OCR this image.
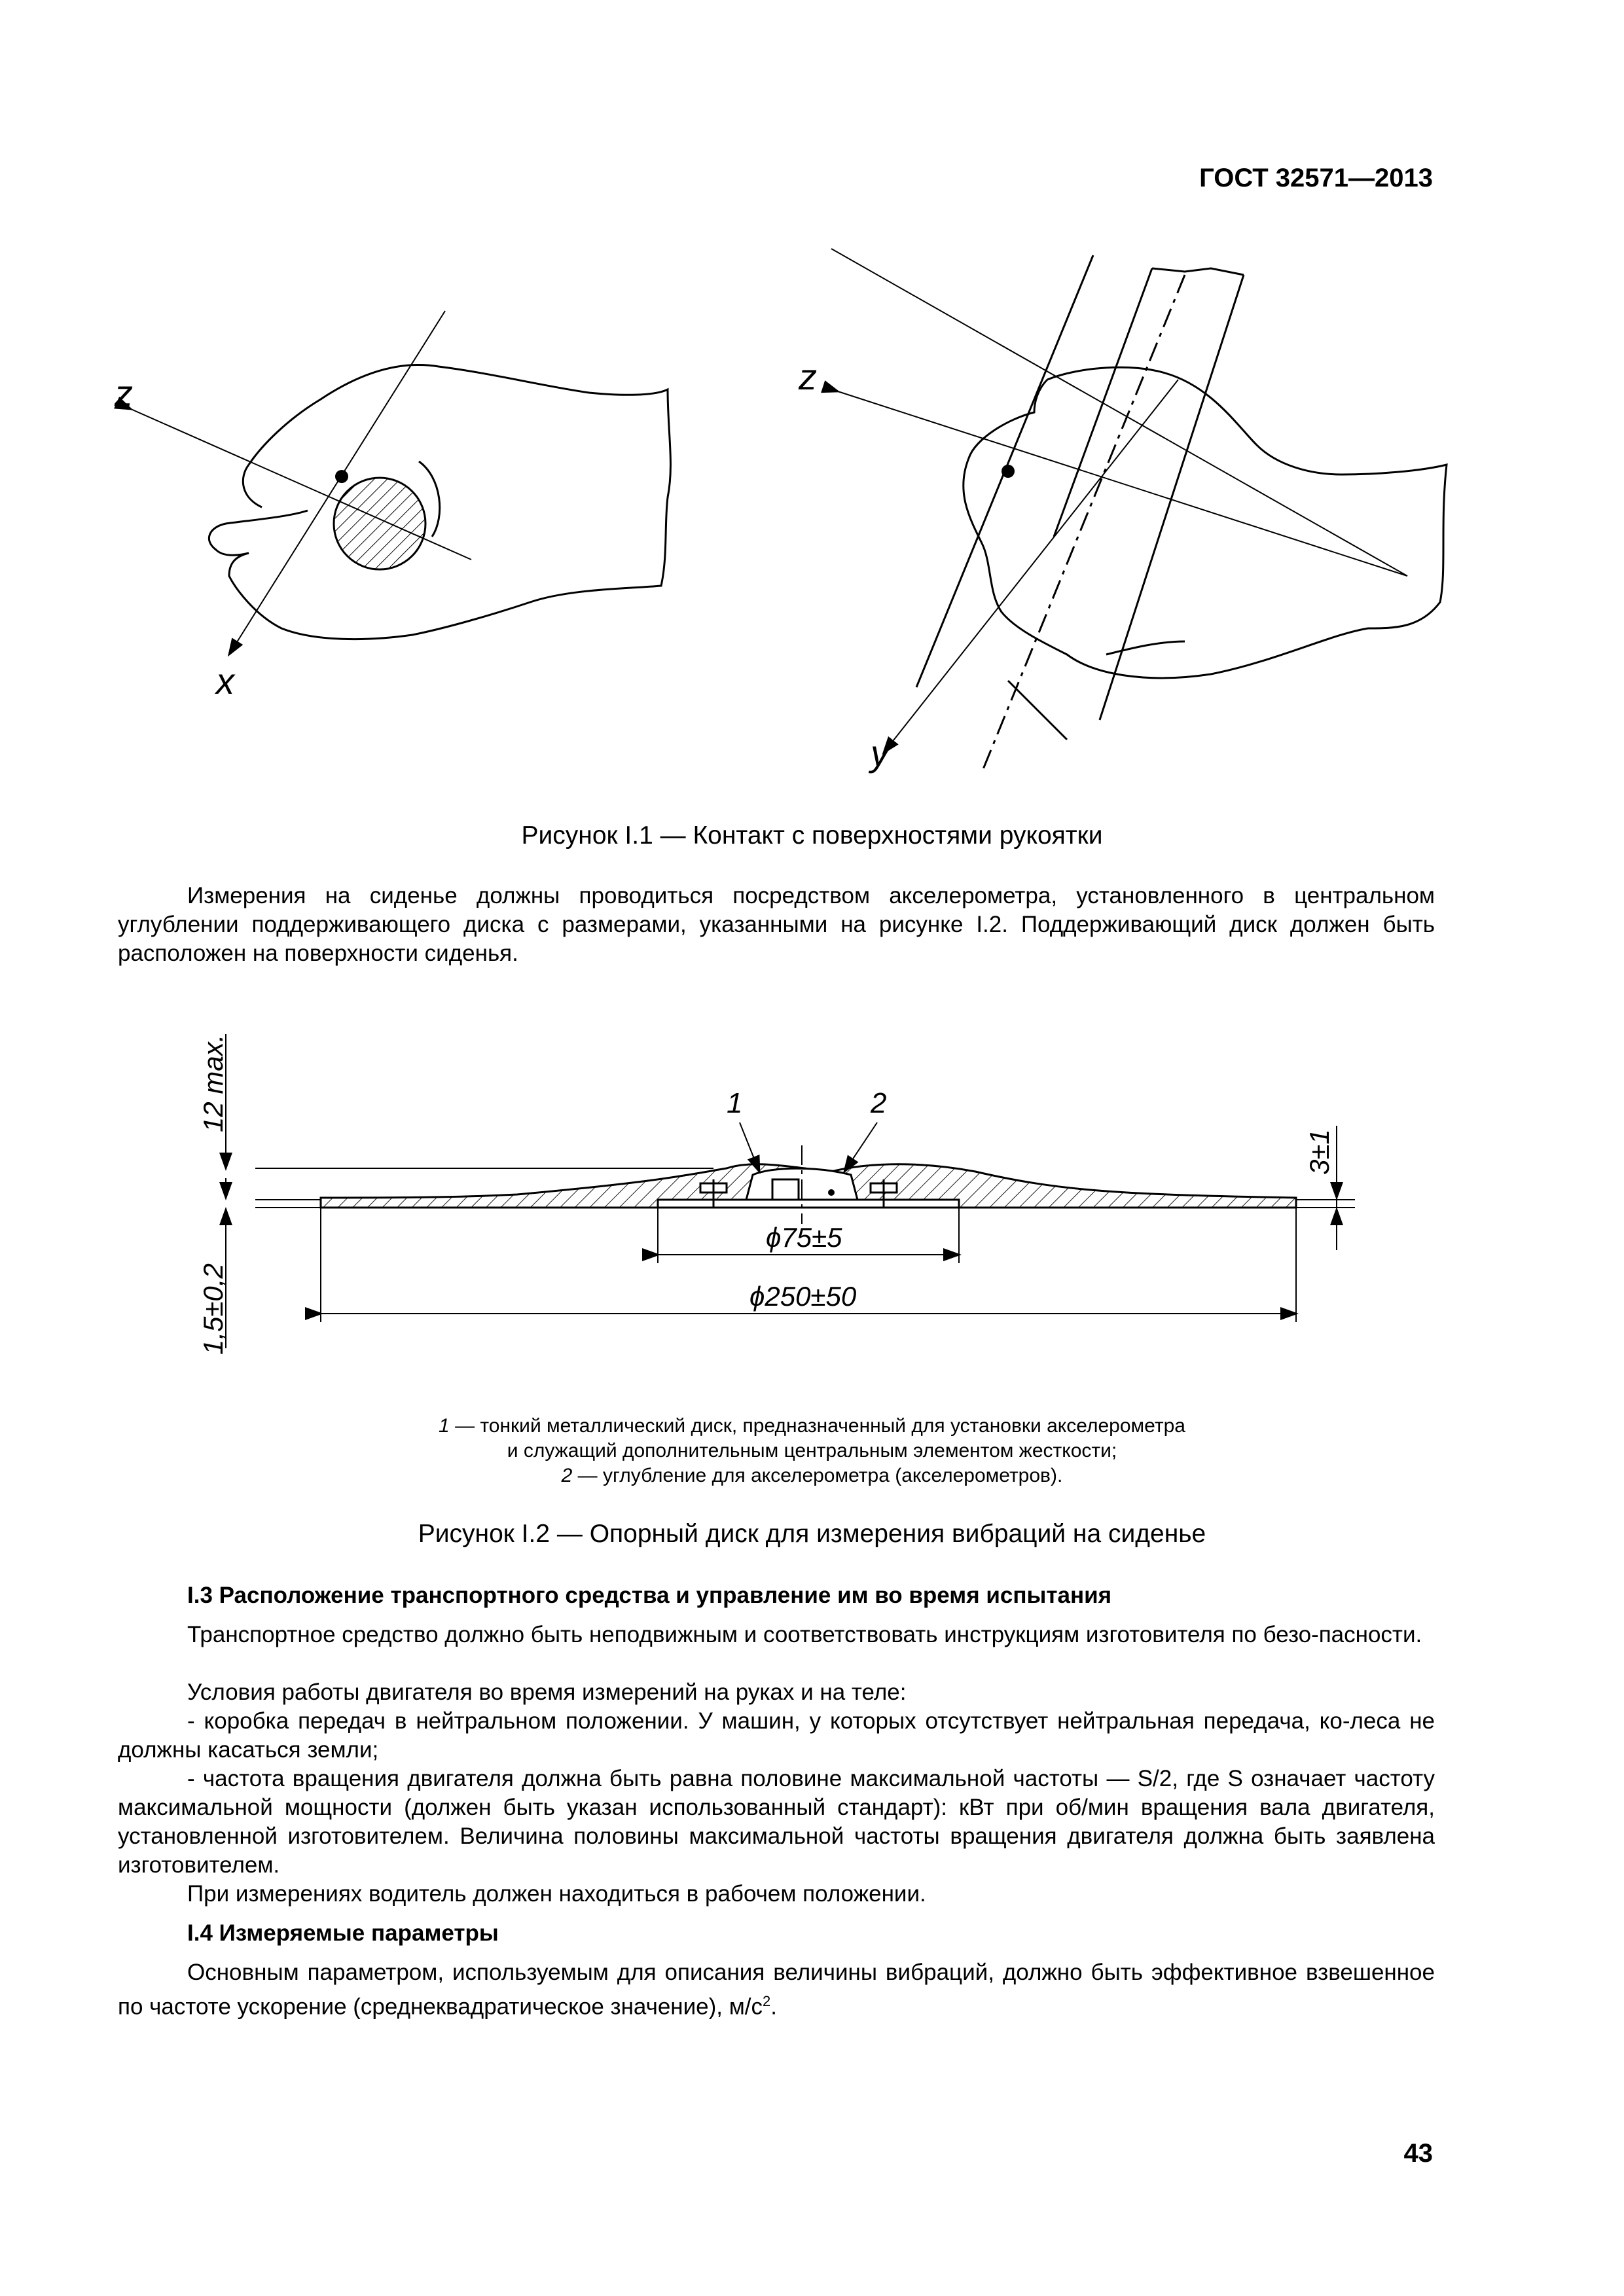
ГОСТ 32571—2013
z
x
z
y
Рисунок I.1 — Контакт с поверхностями рукоятки
Измерения на сиденье должны проводиться посредством акселерометра, установленного в центральном углублении поддерживающего диска с размерами, указанными на рисунке I.2. Поддерживающий диск должен быть расположен на поверхности сиденья.
12 max.
1,5±0,2
3±1
ϕ75±5
ϕ250±50
1	2
1 — тонкий металлический диск, предназначенный для установки акселерометра
и служащий дополнительным центральным элементом жесткости;
2 — углубление для акселерометра (акселерометров).
Рисунок I.2 — Опорный диск для измерения вибраций на сиденье
I.3 Расположение транспортного средства и управление им во время испытания
Транспортное средство должно быть неподвижным и соответствовать инструкциям изготовителя по безо-пасности.
Условия работы двигателя во время измерений на руках и на теле:
- коробка передач в нейтральном положении. У машин, у которых отсутствует нейтральная передача, ко-леса не должны касаться земли;
- частота вращения двигателя должна быть равна половине максимальной частоты — S/2, где S означает частоту максимальной мощности (должен быть указан использованный стандарт): кВт при об/мин вращения вала двигателя, установленной изготовителем. Величина половины максимальной частоты вращения двигателя должна быть заявлена изготовителем.
При измерениях водитель должен находиться в рабочем положении.
I.4 Измеряемые параметры
Основным параметром, используемым для описания величины вибраций, должно быть эффективное взвешенное по частоте ускорение (среднеквадратическое значение), $м/с^2$.
43
